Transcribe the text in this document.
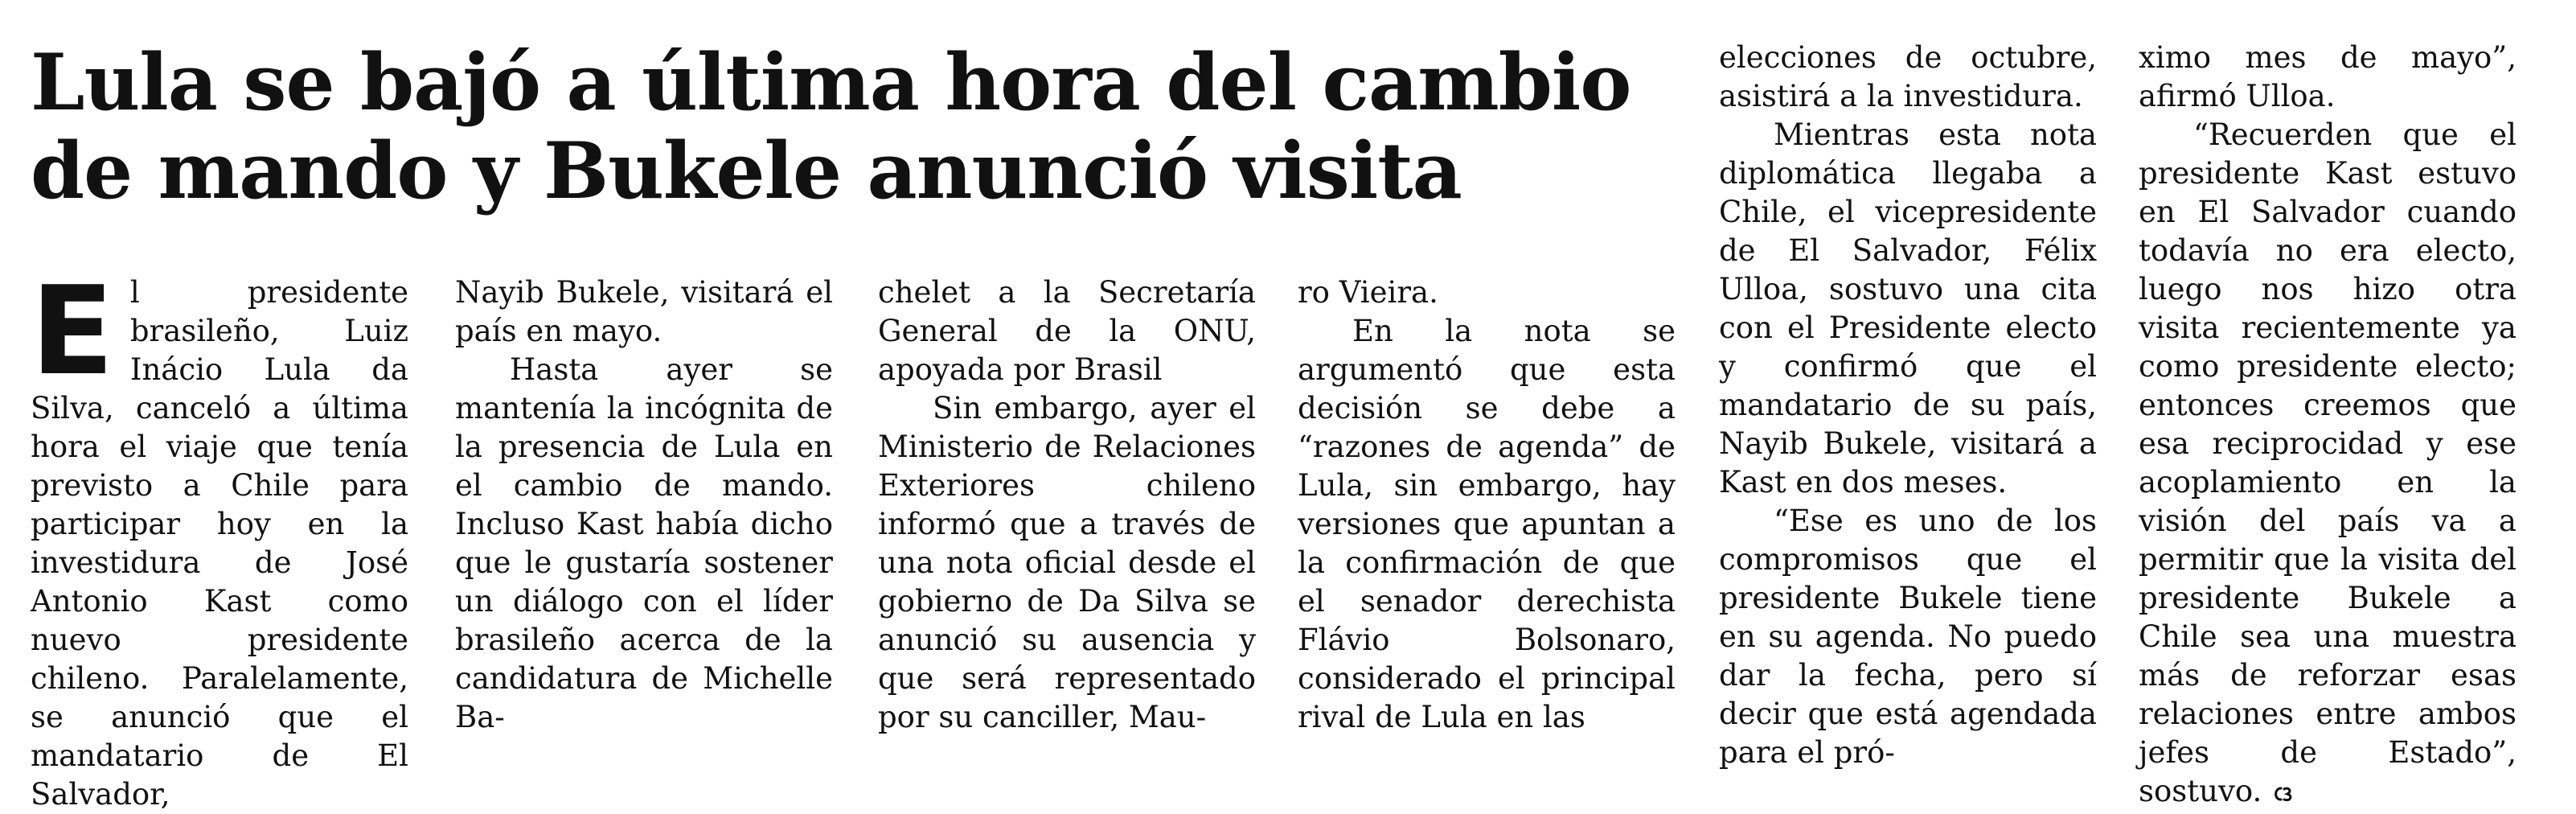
Lula se bajó a última hora del cambio
de mando y Bukele anunció visita

El presidente brasileño, Luiz Inácio Lula da Silva, canceló a última hora el viaje que tenía previsto a Chile para participar hoy en la investidura de José Antonio Kast como nuevo presidente chileno. Paralelamente, se anunció que el mandatario de El Salvador,

Nayib Bukele, visitará el país en mayo.

Hasta ayer se mantenía la incógnita de la presencia de Lula en el cambio de mando. Incluso Kast había dicho que le gustaría sostener un diálogo con el líder brasileño acerca de la candidatura de Michelle Ba-

chelet a la Secretaría General de la ONU, apoyada por Brasil

Sin embargo, ayer el Ministerio de Relaciones Exteriores chileno informó que a través de una nota oficial desde el gobierno de Da Silva se anunció su ausencia y que será representado por su canciller, Mau-

ro Vieira.

En la nota se argumentó que esta decisión se debe a “razones de agenda” de Lula, sin embargo, hay versiones que apuntan a la confirmación de que el senador derechista Flávio Bolsonaro, considerado el principal rival de Lula en las

elecciones de octubre, asistirá a la investidura.

Mientras esta nota diplomática llegaba a Chile, el vicepresidente de El Salvador, Félix Ulloa, sostuvo una cita con el Presidente electo y confirmó que el mandatario de su país, Nayib Bukele, visitará a Kast en dos meses.

“Ese es uno de los compromisos que el presidente Bukele tiene en su agenda. No puedo dar la fecha, pero sí decir que está agendada para el pró-

ximo mes de mayo”, afirmó Ulloa.

“Recuerden que el presidente Kast estuvo en El Salvador cuando todavía no era electo, luego nos hizo otra visita recientemente ya como presidente electo; entonces creemos que esa reciprocidad y ese acoplamiento en la visión del país va a permitir que la visita del presidente Bukele a Chile sea una muestra más de reforzar esas relaciones entre ambos jefes de Estado”, sostuvo.
